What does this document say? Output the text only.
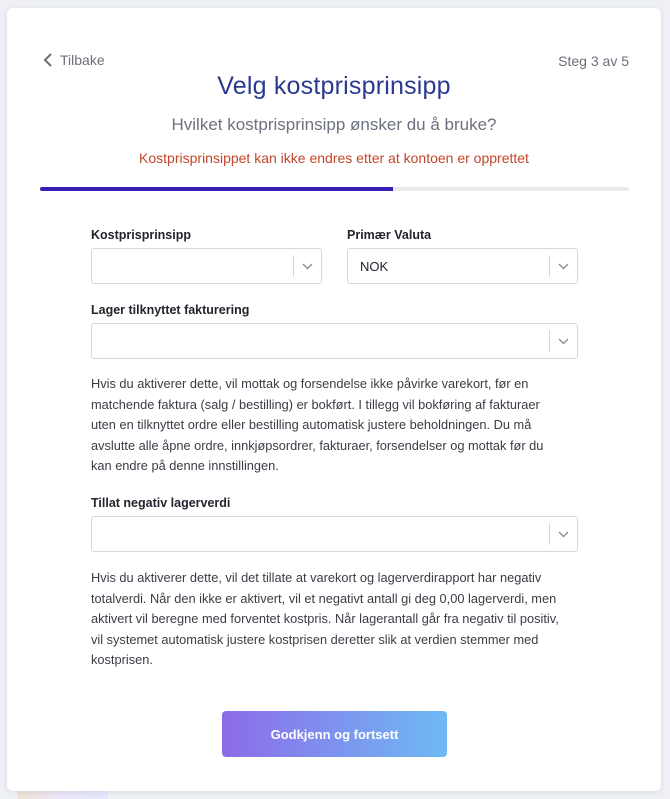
Tilbake	Steg 3 av 5
Velg kostprisprinsipp
Hvilket kostprisprinsipp ønsker du å bruke?
Kostprisprinsippet kan ikke endres etter at kontoen er opprettet
Kostprisprinsipp	Primær Valuta
NOK
Lager tilknyttet fakturering
Hvis du aktiverer dette, vil mottak og forsendelse ikke påvirke varekort, før en matchende faktura (salg / bestilling) er bokført. I tillegg vil bokføring af fakturaer uten en tilknyttet ordre eller bestilling automatisk justere beholdningen. Du må avslutte alle åpne ordre, innkjøpsordrer, fakturaer, forsendelser og mottak før du kan endre på denne innstillingen.
Tillat negativ lagerverdi
Hvis du aktiverer dette, vil det tillate at varekort og lagerverdirapport har negativ totalverdi. Når den ikke er aktivert, vil et negativt antall gi deg 0,00 lagerverdi, men aktivert vil beregne med forventet kostpris. Når lagerantall går fra negativ til positiv, vil systemet automatisk justere kostprisen deretter slik at verdien stemmer med kostprisen.
Godkjenn og fortsett
